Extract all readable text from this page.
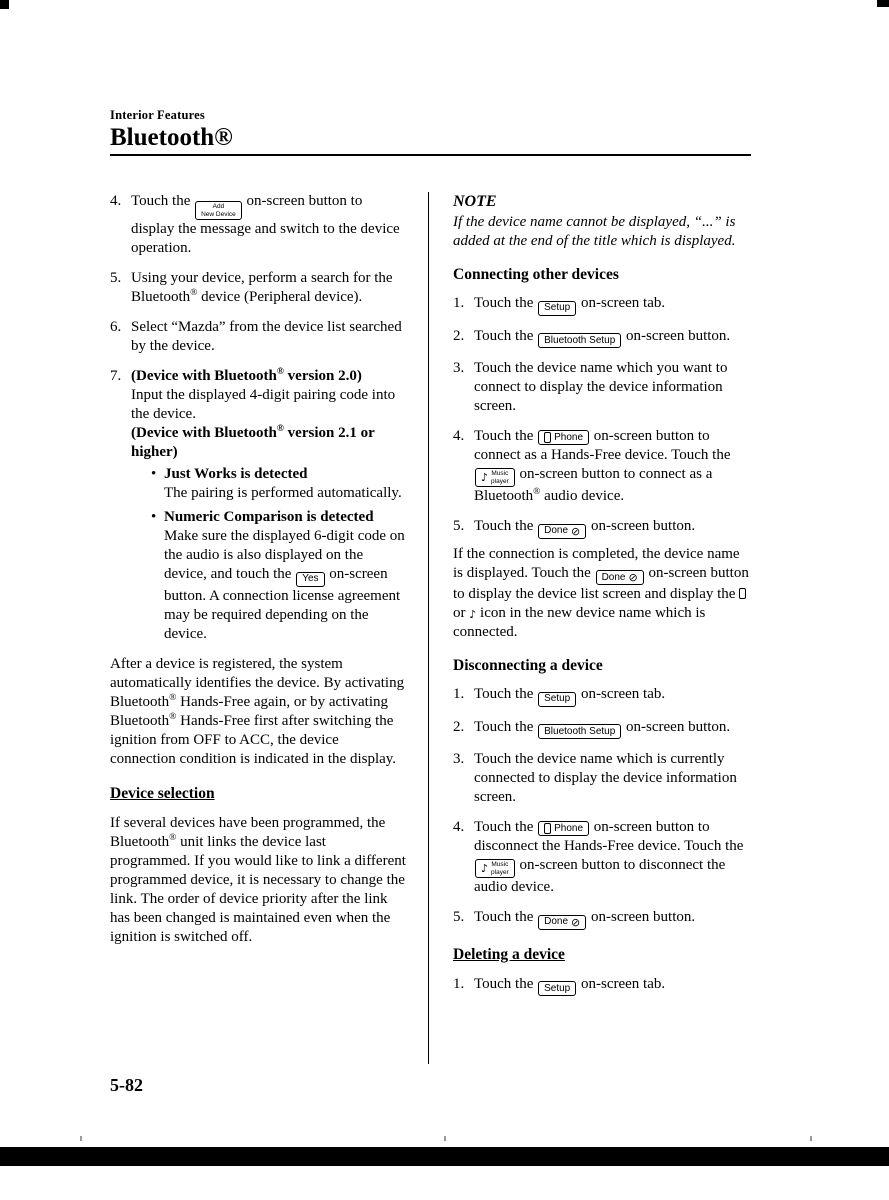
Interior Features
Bluetooth®
4. Touch the	Add
New Device
on-screen button to display the message and switch to the device operation.
5. Using your device, perform a search for the Bluetooth® device (Peripheral device).
6. Select “Mazda” from the device list searched by the device.
7. (Device with Bluetooth® version 2.0)
Input the displayed 4-digit pairing code into the device.
(Device with Bluetooth® version 2.1 or higher)
• Just Works is detected
The pairing is performed automatically.
• Numeric Comparison is detected
Make sure the displayed 6-digit code on the audio is also displayed on the device, and touch the Yes on-screen button. A connection license agreement may be required depending on the device.

After a device is registered, the system automatically identifies the device. By activating Bluetooth® Hands-Free again, or by activating Bluetooth® Hands-Free first after switching the ignition from OFF to ACC, the device connection condition is indicated in the display.

Device selection

If several devices have been programmed, the Bluetooth® unit links the device last programmed. If you would like to link a different programmed device, it is necessary to change the link. The order of device priority after the link has been changed is maintained even when the ignition is switched off.

NOTE

If the device name cannot be displayed, “...” is added at the end of the title which is displayed.

Connecting other devices
1. Touch the Setup on-screen tab.
2. Touch the Bluetooth Setup on-screen button.
3. Touch the device name which you want to connect to display the device information screen.
4. Touch the Phone on-screen button to connect as a Hands-Free device. Touch the
♪ Music
player on-screen button to connect as a Bluetooth® audio device.
5. Touch the Done ⊘ on-screen button.

If the connection is completed, the device name is displayed. Touch the Done ⊘ on-screen button to display the device list screen and display the  or ♪ icon in the new device name which is connected.

Disconnecting a device
1. Touch the Setup on-screen tab.
2. Touch the Bluetooth Setup on-screen button.
3. Touch the device name which is currently connected to display the device information screen.
4. Touch the Phone on-screen button to disconnect the Hands-Free device. Touch the
♪ Music
player on-screen button to disconnect the audio device.
5. Touch the Done ⊘ on-screen button.
Deleting a device
1. Touch the Setup on-screen tab.
5-82
